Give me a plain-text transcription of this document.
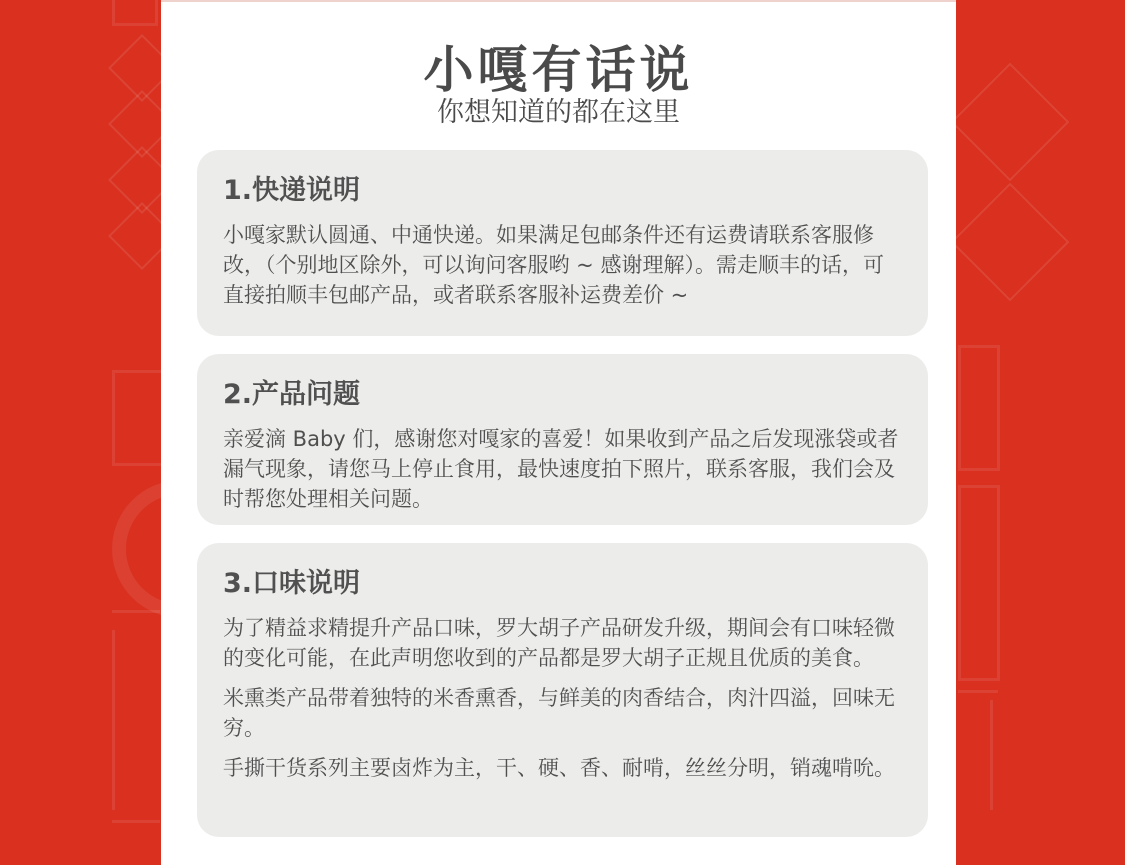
小嘎有话说
你想知道的都在这里
1.快递说明

小嘎家默认圆通、中通快递。如果满足包邮条件还有运费请联系客服修改，（个别地区除外，可以询问客服哟 ~ 感谢理解）。需走顺丰的话，可直接拍顺丰包邮产品，或者联系客服补运费差价 ~

2.产品问题

亲爱滴 Baby 们，感谢您对嘎家的喜爱！如果收到产品之后发现涨袋或者漏气现象，请您马上停止食用，最快速度拍下照片，联系客服，我们会及时帮您处理相关问题。

3.口味说明

为了精益求精提升产品口味，罗大胡子产品研发升级，期间会有口味轻微的变化可能，在此声明您收到的产品都是罗大胡子正规且优质的美食。

米熏类产品带着独特的米香熏香，与鲜美的肉香结合，肉汁四溢，回味无穷。

手撕干货系列主要卤炸为主，干、硬、香、耐啃，丝丝分明，销魂啃吮。
